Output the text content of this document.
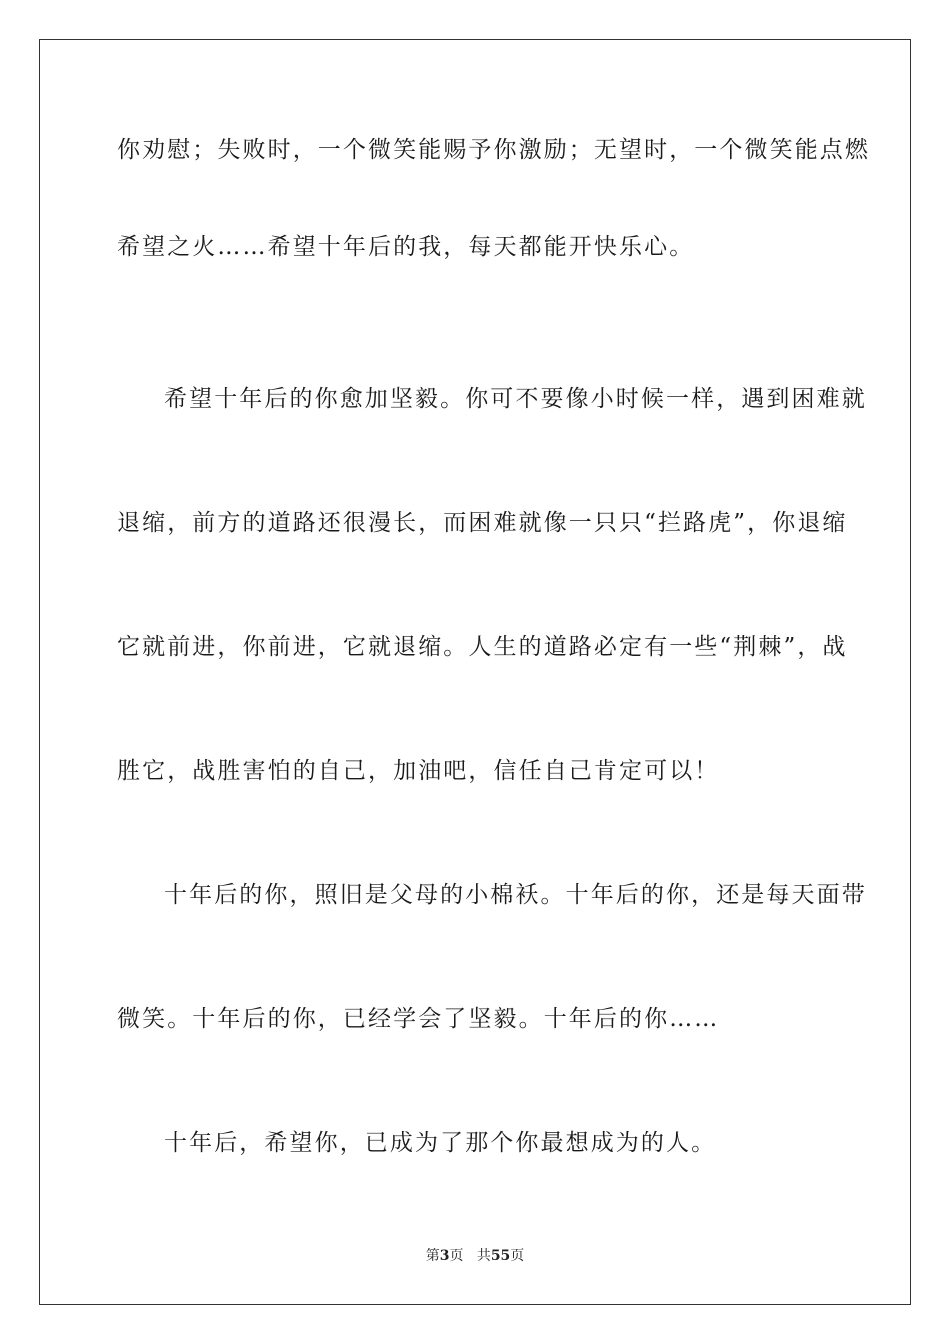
你劝慰；失败时，一个微笑能赐予你激励；无望时，一个微笑能点燃
希望之火……希望十年后的我，每天都能开快乐心。
希望十年后的你愈加坚毅。你可不要像小时候一样，遇到困难就
退缩，前方的道路还很漫长，而困难就像一只只“拦路虎”，你退缩
它就前进，你前进，它就退缩。人生的道路必定有一些“荆棘”，战
胜它，战胜害怕的自己，加油吧，信任自己肯定可以！
十年后的你，照旧是父母的小棉袄。十年后的你，还是每天面带
微笑。十年后的你，已经学会了坚毅。十年后的你……
十年后，希望你，已成为了那个你最想成为的人。
第3页 共55页
